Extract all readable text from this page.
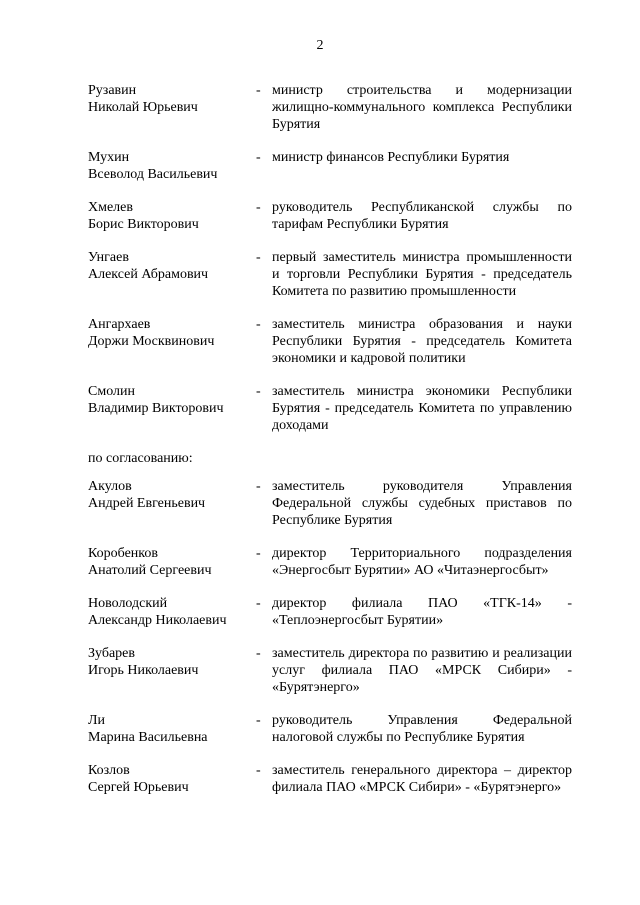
2
Рузавин
Николай Юрьевич
- министр строительства и модернизации жилищно-коммунального комплекса Республики Бурятия
Мухин
Всеволод Васильевич
- министр финансов Республики Бурятия
Хмелев
Борис Викторович
- руководитель Республиканской службы по тарифам Республики Бурятия
Унгаев
Алексей Абрамович
- первый заместитель министра промышленности и торговли Республики Бурятия - председатель Комитета по развитию промышленности
Ангархаев
Доржи Москвинович
- заместитель министра образования и науки Республики Бурятия - председатель Комитета экономики и кадровой политики
Смолин
Владимир Викторович
- заместитель министра экономики Республики Бурятия - председатель Комитета по управлению доходами
по согласованию:
Акулов
Андрей Евгеньевич
- заместитель руководителя Управления Федеральной службы судебных приставов по Республике Бурятия
Коробенков
Анатолий Сергеевич
- директор Территориального подразделения «Энергосбыт Бурятии» АО «Читаэнергосбыт»
Новолодский
Александр Николаевич
- директор филиала ПАО «ТГК-14» - «Теплоэнергосбыт Бурятии»
Зубарев
Игорь Николаевич
- заместитель директора по развитию и реализации услуг филиала ПАО «МРСК Сибири» - «Бурятэнерго»
Ли
Марина Васильевна
- руководитель Управления Федеральной налоговой службы по Республике Бурятия
Козлов
Сергей Юрьевич
- заместитель генерального директора – директор филиала ПАО «МРСК Сибири» - «Бурятэнерго»
